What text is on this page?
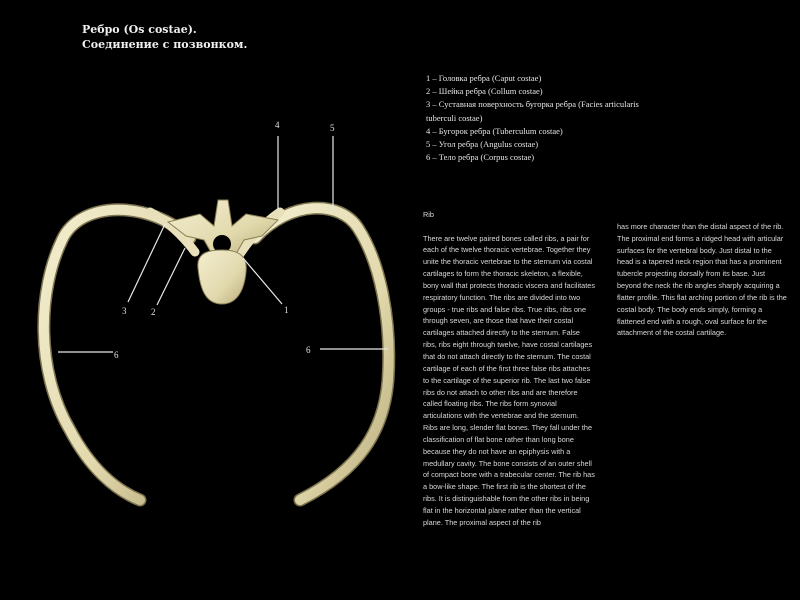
Ребро (Os costae).
Соединение с позвонком.
4	5
1
2
3
6	6
1 – Головка ребра (Caput costae)
2 – Шейка ребра (Collum costae)
3 – Суставная поверхность бугорка ребра (Facies articularis
tuberculi costae)
4 – Бугорок ребра (Tuberculum costae)
5 – Угол ребра (Angulus costae)
6 – Тело ребра (Corpus costae)

Rib

There are twelve paired bones called ribs, a pair for each of the twelve thoracic vertebrae. Together they unite the thoracic vertebrae to the sternum via costal cartilages to form the thoracic skeleton, a flexible, bony wall that protects thoracic viscera and facilitates respiratory function. The ribs are divided into two groups - true ribs and false ribs. True ribs, ribs one through seven, are those that have their costal cartilages attached directly to the sternum. False ribs, ribs eight through twelve, have costal cartilages that do not attach directly to the sternum. The costal cartilage of each of the first three false ribs attaches to the cartilage of the superior rib. The last two false ribs do not attach to other ribs and are therefore called floating ribs. The ribs form synovial articulations with the vertebrae and the sternum.
Ribs are long, slender flat bones. They fall under the classification of flat bone rather than long bone because they do not have an epiphysis with a medullary cavity. The bone consists of an outer shell of compact bone with a trabecular center. The rib has a bow-like shape. The first rib is the shortest of the ribs. It is distinguishable from the other ribs in being flat in the horizontal plane rather than the vertical plane. The proximal aspect of the rib

has more character than the distal aspect of the rib. The proximal end forms a ridged head with articular surfaces for the vertebral body. Just distal to the head is a tapered neck region that has a prominent tubercle projecting dorsally from its base. Just beyond the neck the rib angles sharply acquiring a flatter profile. This flat arching portion of the rib is the costal body. The body ends simply, forming a flattened end with a rough, oval surface for the attachment of the costal cartilage.
